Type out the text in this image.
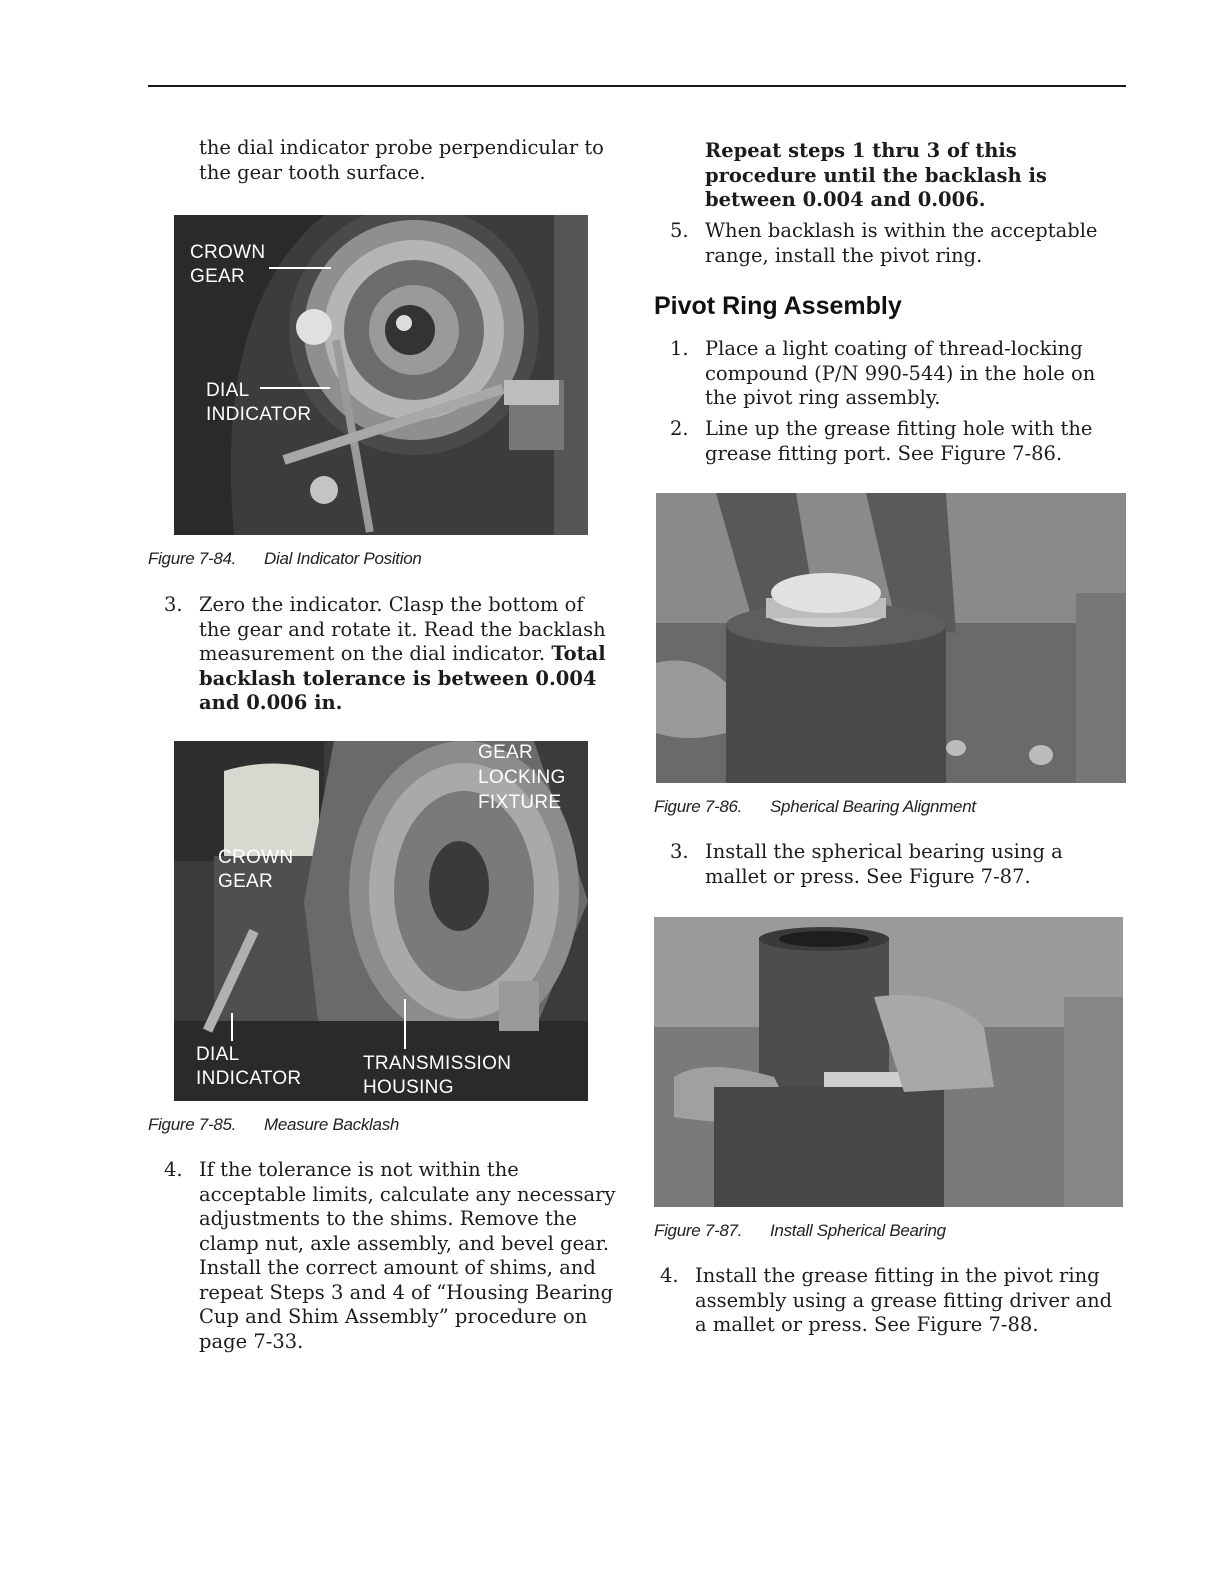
the dial indicator probe perpendicular to the gear tooth surface.

CROWN
GEAR
DIAL
INDICATOR
Figure 7-84. Dial Indicator Position
3. Zero the indicator. Clasp the bottom of the gear and rotate it. Read the backlash measurement on the dial indicator. Total backlash tolerance is between 0.004 and 0.006 in.
GEAR
LOCKING
FIXTURE
CROWN
GEAR
DIAL
INDICATOR
TRANSMISSION
HOUSING
Figure 7-85. Measure Backlash
4. If the tolerance is not within the acceptable limits, calculate any necessary adjustments to the shims. Remove the clamp nut, axle assembly, and bevel gear. Install the correct amount of shims, and repeat Steps 3 and 4 of “Housing Bearing Cup and Shim Assembly” procedure on page 7-33.
Repeat steps 1 thru 3 of this procedure until the backlash is between 0.004 and 0.006.
5. When backlash is within the acceptable range, install the pivot ring.
Pivot Ring Assembly
1. Place a light coating of thread-locking compound (P/N 990-544) in the hole on the pivot ring assembly.
2. Line up the grease fitting hole with the grease fitting port. See Figure 7-86.
Figure 7-86. Spherical Bearing Alignment
3. Install the spherical bearing using a mallet or press. See Figure 7-87.
Figure 7-87. Install Spherical Bearing
4. Install the grease fitting in the pivot ring assembly using a grease fitting driver and a mallet or press. See Figure 7-88.
